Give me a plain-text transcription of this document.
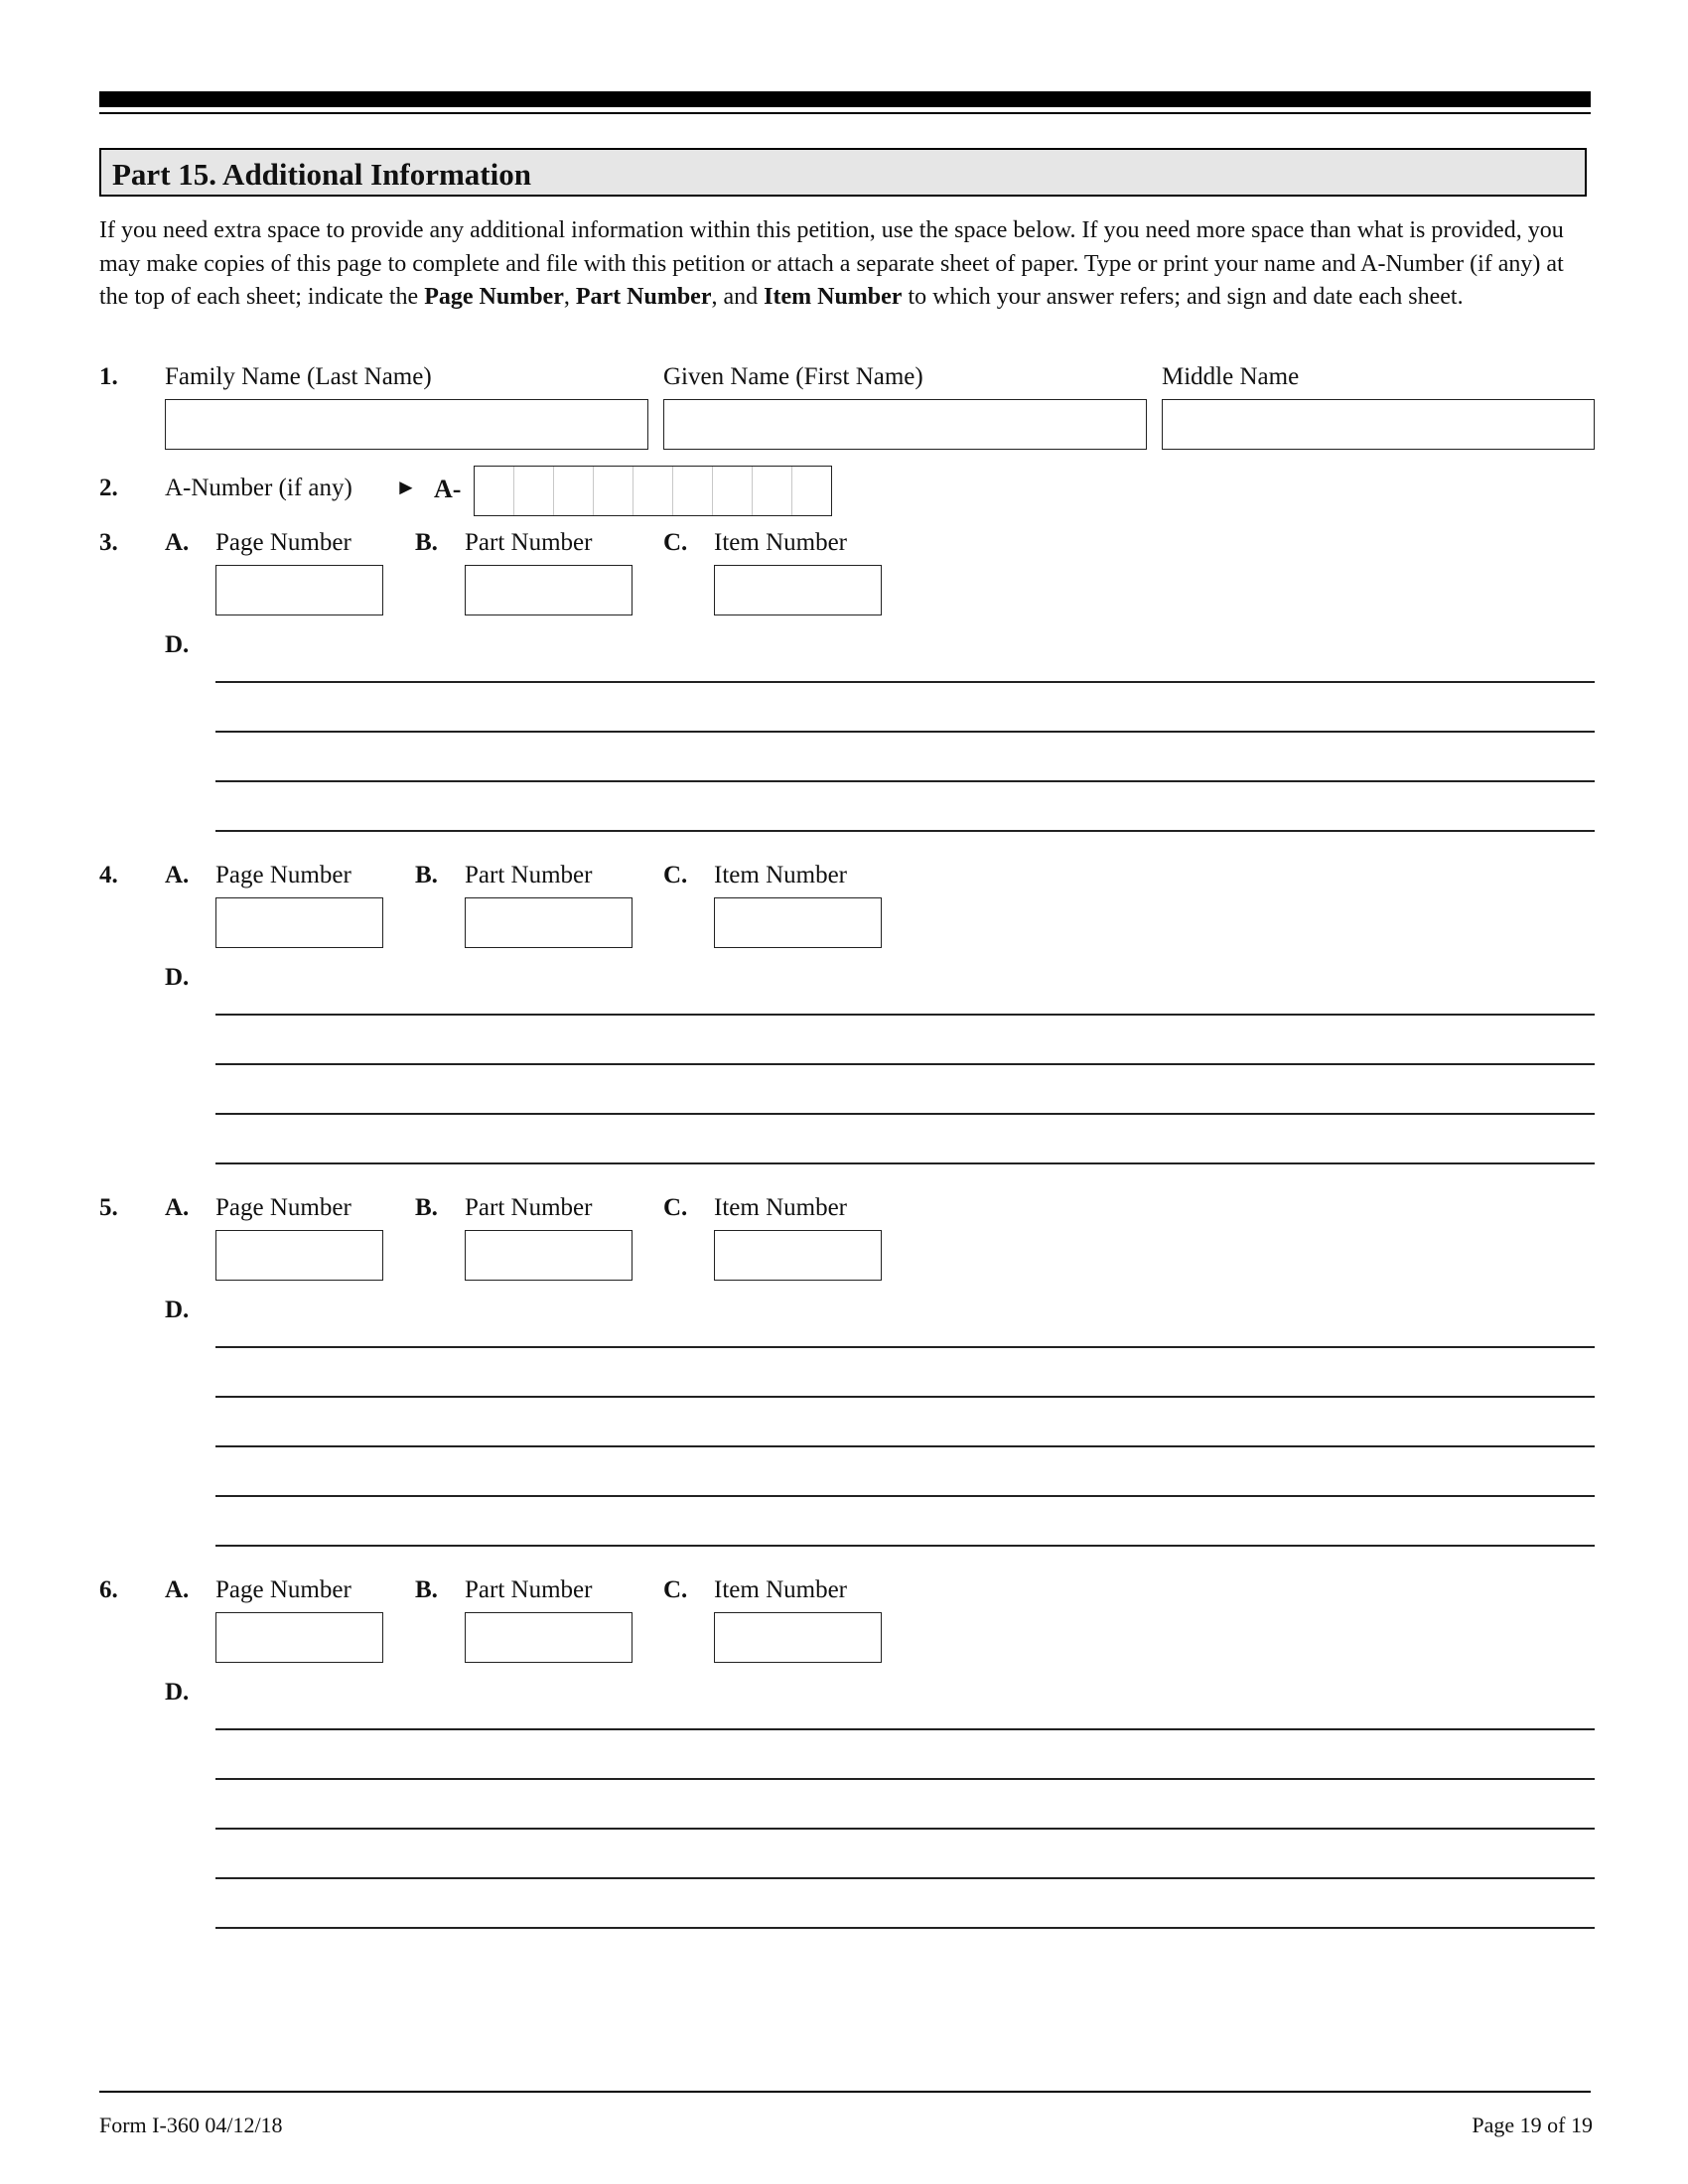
Part 15. Additional Information
If you need extra space to provide any additional information within this petition, use the space below. If you need more space than what is provided, you may make copies of this page to complete and file with this petition or attach a separate sheet of paper. Type or print your name and A-Number (if any) at the top of each sheet; indicate the Page Number, Part Number, and Item Number to which your answer refers; and sign and date each sheet.
1. Family Name (Last Name)	Given Name (First Name)	Middle Name
2. A-Number (if any) ► A-
3. A. Page Number	B. Part Number	C. Item Number
D.
4. A. Page Number	B. Part Number	C. Item Number
D.
5. A. Page Number	B. Part Number	C. Item Number
D.
6. A. Page Number	B. Part Number	C. Item Number
D.
Form I-360 04/12/18	Page 19 of 19
